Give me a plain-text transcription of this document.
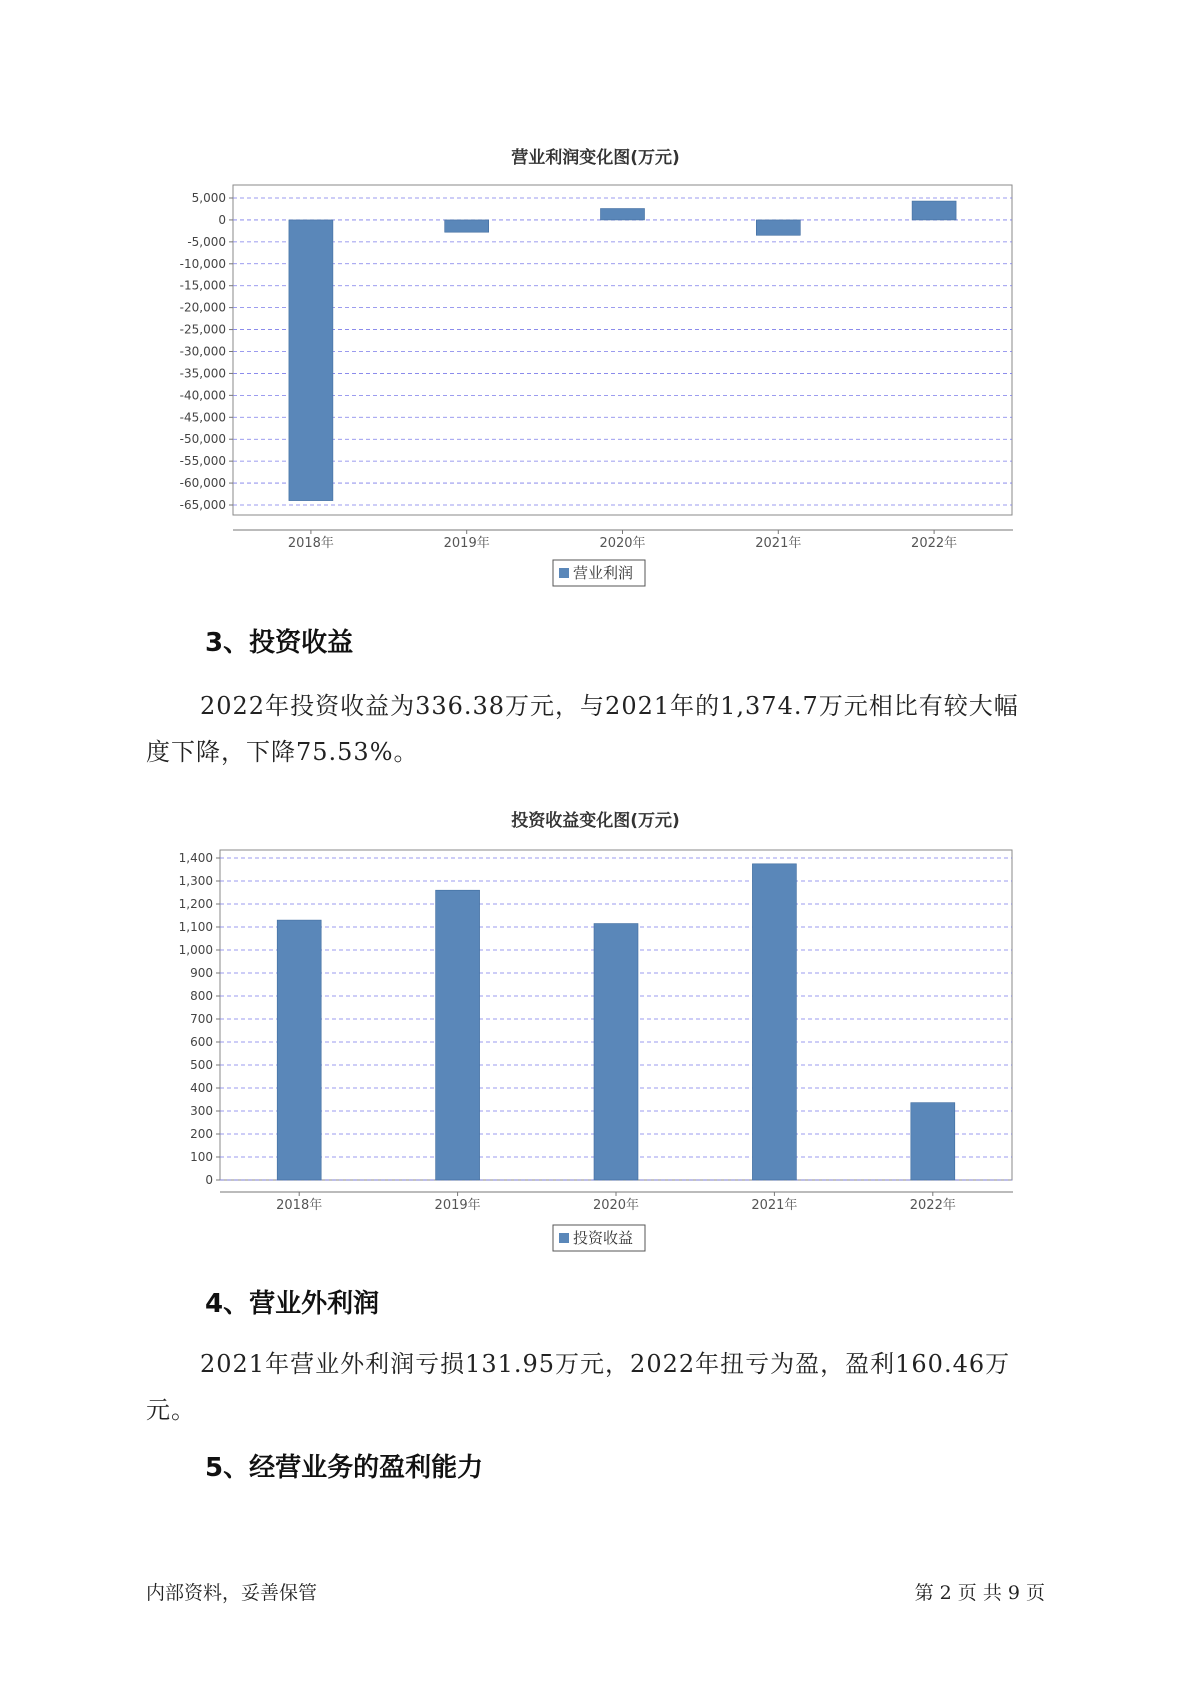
营业利润变化图(万元)
5,000
0
-5,000
-10,000
-15,000
-20,000
-25,000
-30,000
-35,000
-40,000
-45,000
-50,000
-55,000
-60,000
-65,000
2018年	2019年	2020年	2021年	2022年
营业利润
3、投资收益

2022年投资收益为336.38万元，与2021年的1,374.7万元相比有较大幅
度下降，下降75.53%。

投资收益变化图(万元)
1,400
1,300
1,200
1,100
1,000
900
800
700
600
500
400
300
200
100
0
2018年	2019年	2020年	2021年	2022年
投资收益
4、营业外利润

2021年营业外利润亏损131.95万元，2022年扭亏为盈，盈利160.46万
元。

5、经营业务的盈利能力
内部资料，妥善保管	第 2 页 共 9 页
